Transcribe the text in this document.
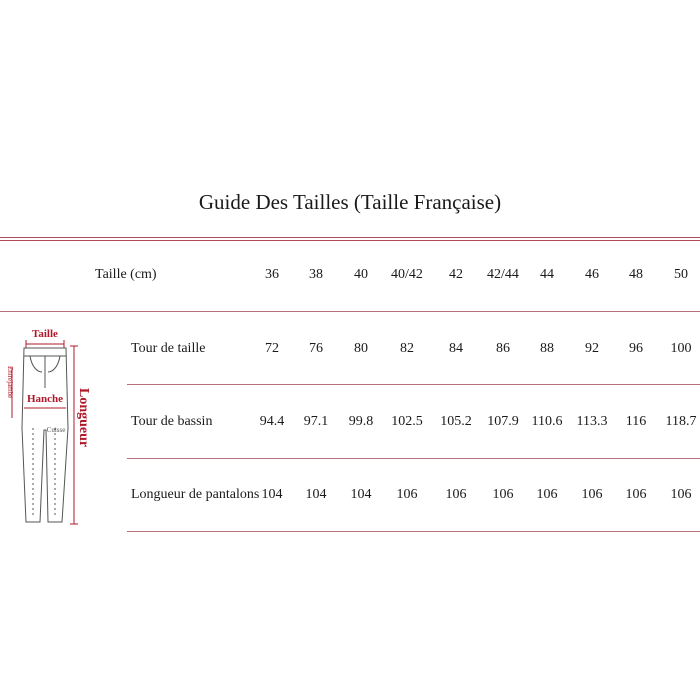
Guide Des Tailles (Taille Française)
Taille (cm)	36	38	40	40/42	42	42/44	44	46	48	50
Tour de taille	72	76	80	82	84	86	88	92	96	100
Tour de bassin	94.4	97.1	99.8	102.5	105.2	107.9 110.6	113.3	116	118.7
Longueur de pantalons 104	104	104	106	106	106	106	106	106	106
Taille
Hanche
Entrejambe
Cuisse Longueur
